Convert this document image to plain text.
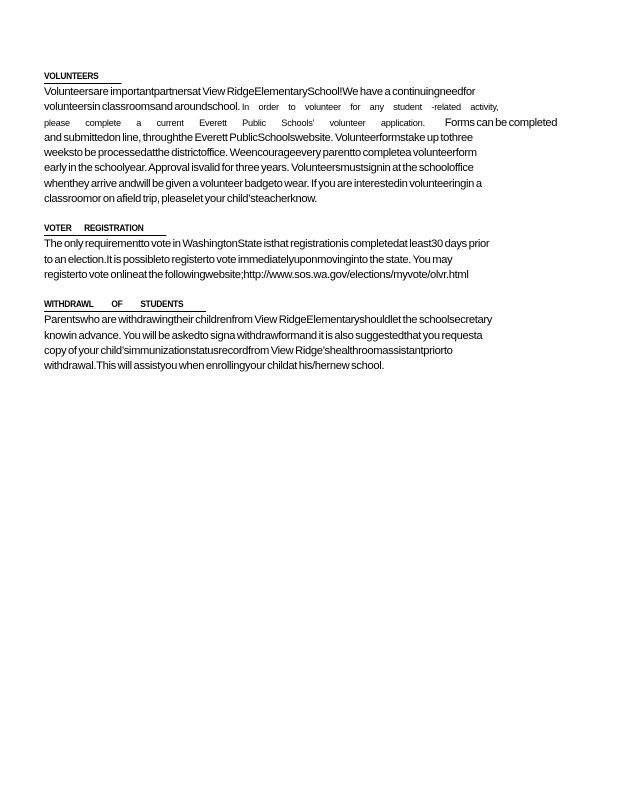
VOLUNTEERS
Volunteersare importantpartnersat View RidgeElementarySchool!We have a continuingneedfor
volunteersin classroomsand aroundschool. In order to volunteer for any student -related activity,
please complete a current Everett Public Schools' volunteer application. Forms can be completed
and submittedon line, throughthe Everett PublicSchoolswebsite. Volunteerformstake up tothree
weeksto be processedatthe districtoffice. Weencourageevery parentto completea volunteerform
early in the schoolyear. Approval isvalid for three years. Volunteersmustsignin at the schooloffice
whenthey arrive andwill be given a volunteer badgeto wear. If you are interestedin volunteeringin a
classroomor on afield trip, pleaselet your child’steacherknow.
VOTER REGISTRATION
The only requirementto vote in WashingtonState isthat registrationis completedat least30 days prior
to an election.It is possibleto registerto vote immediatelyuponmovinginto the state. You may
registerto vote onlineat the followingwebsite;http://www.sos.wa.gov/elections/myvote/olvr.html
WITHDRAWL OF STUDENTS
Parentswho are withdrawingtheir childrenfrom View RidgeElementaryshouldlet the schoolsecretary
knowin advance. You will be askedto signa withdrawformand it is also suggestedthat you requesta
copy of your child’simmunizationstatusrecordfrom View Ridge’shealthroomassistantpriorto
withdrawal.This will assistyou when enrollingyour childat his/hernew school.
